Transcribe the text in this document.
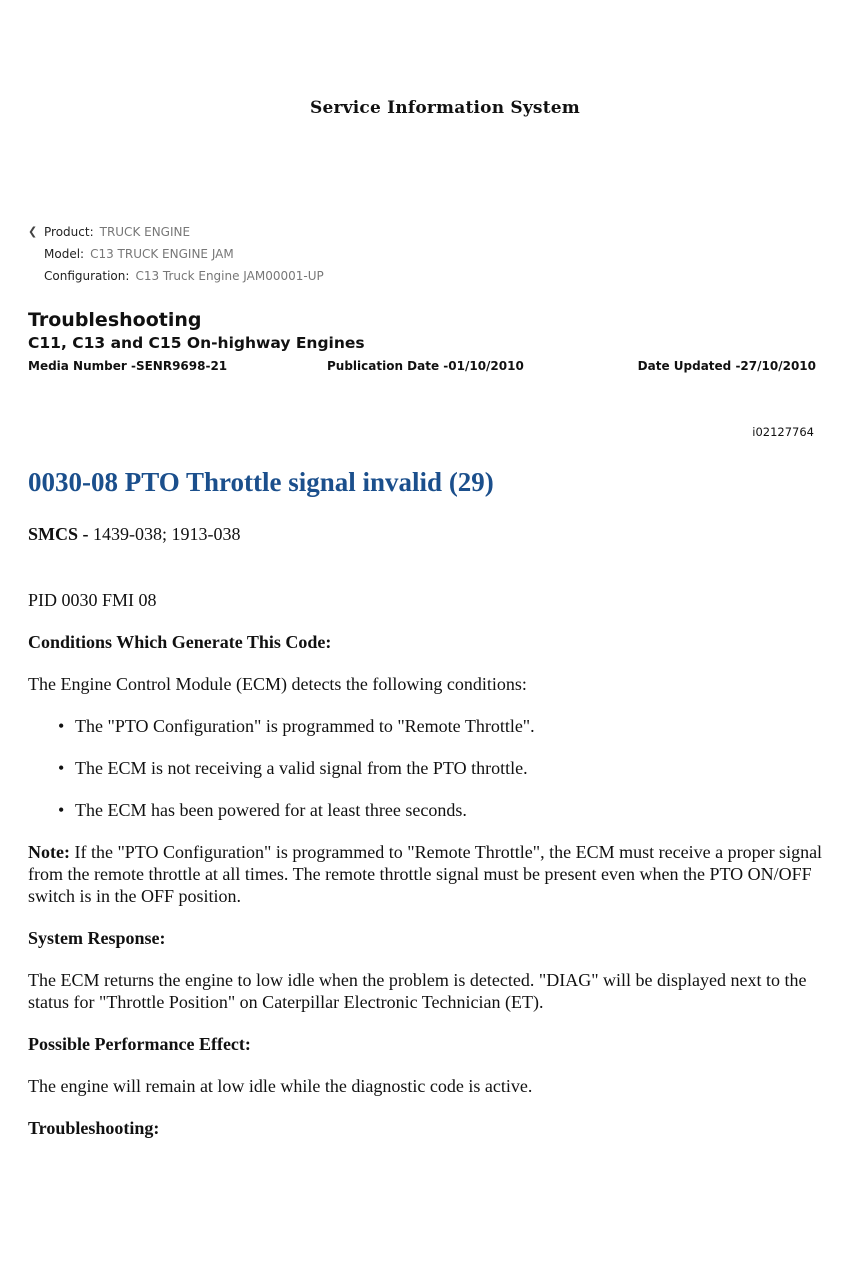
Service Information System
❮ Product: TRUCK ENGINE
Model: C13 TRUCK ENGINE JAM
Configuration: C13 Truck Engine JAM00001-UP
Troubleshooting
C11, C13 and C15 On-highway Engines
Media Number -SENR9698-21	Publication Date -01/10/2010	Date Updated -27/10/2010
i02127764
0030-08 PTO Throttle signal invalid (29)

SMCS - 1439-038; 1913-038

PID 0030 FMI 08

Conditions Which Generate This Code:

The Engine Control Module (ECM) detects the following conditions:

• The "PTO Configuration" is programmed to "Remote Throttle".
• The ECM is not receiving a valid signal from the PTO throttle.
• The ECM has been powered for at least three seconds.

Note: If the "PTO Configuration" is programmed to "Remote Throttle", the ECM must receive a proper signal from the remote throttle at all times. The remote throttle signal must be present even when the PTO ON/OFF switch is in the OFF position.

System Response:

The ECM returns the engine to low idle when the problem is detected. "DIAG" will be displayed next to the status for "Throttle Position" on Caterpillar Electronic Technician (ET).

Possible Performance Effect:

The engine will remain at low idle while the diagnostic code is active.

Troubleshooting:
